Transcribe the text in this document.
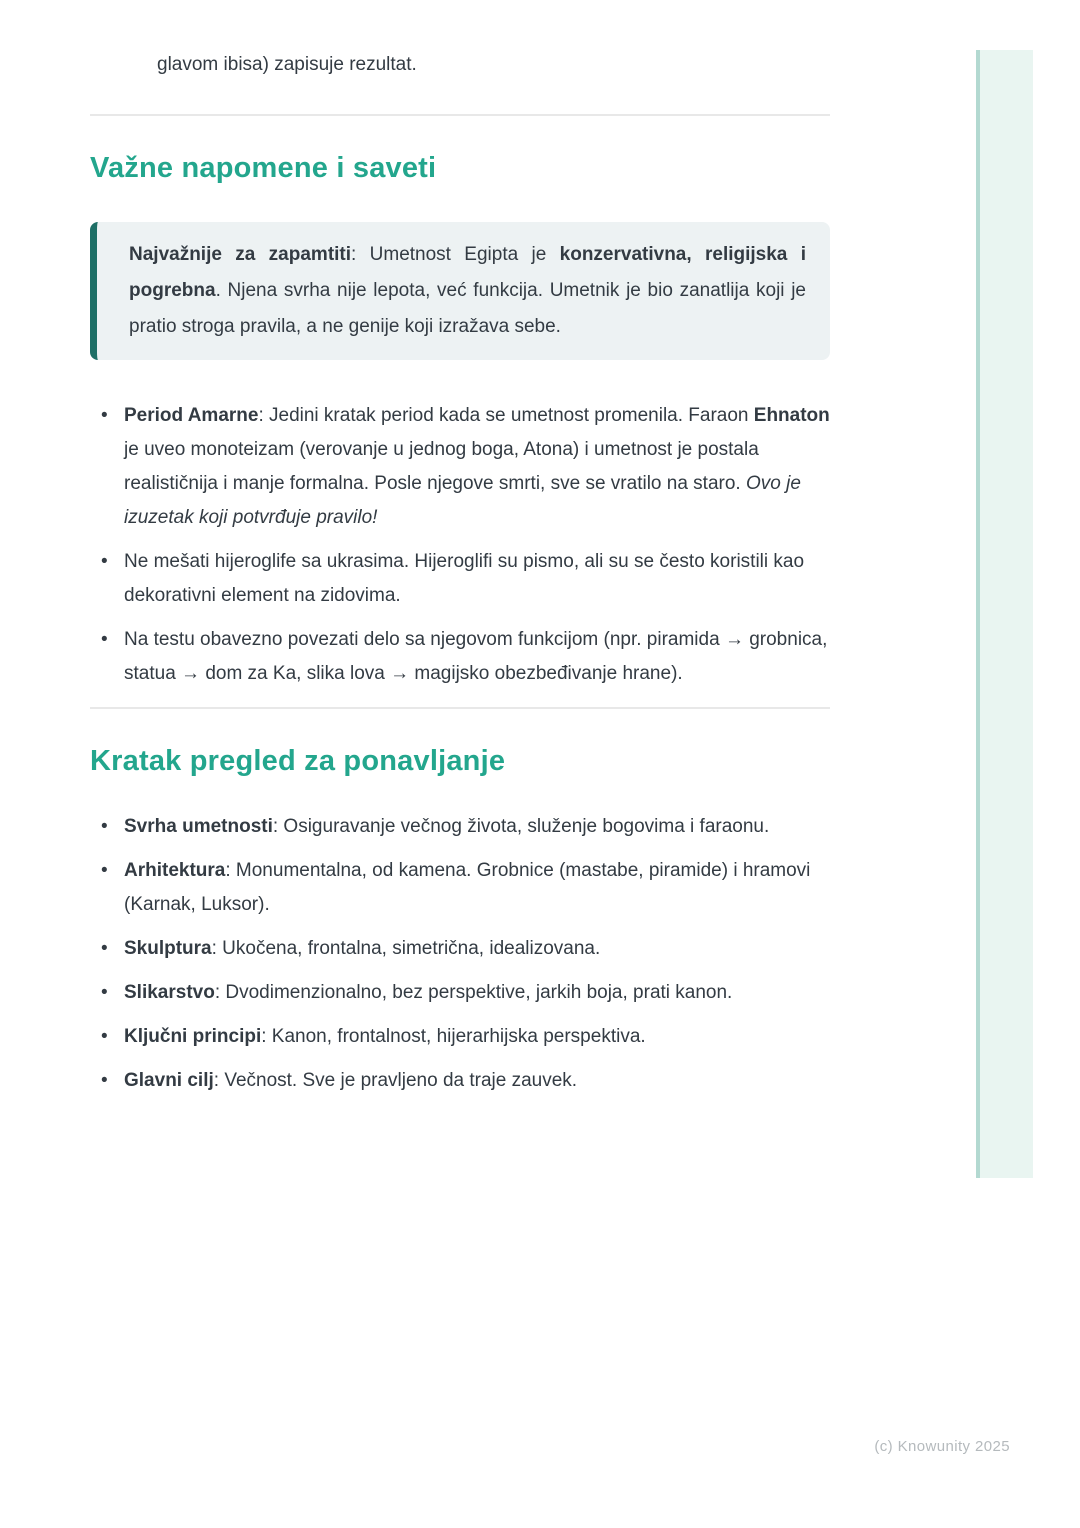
glavom ibisa) zapisuje rezultat.

Važne napomene i saveti

Najvažnije za zapamtiti: Umetnost Egipta je konzervativna, religijska i pogrebna. Njena svrha nije lepota, već funkcija. Umetnik je bio zanatlija koji je pratio stroga pravila, a ne genije koji izražava sebe.

• Period Amarne: Jedini kratak period kada se umetnost promenila. Faraon Ehnaton je uveo monoteizam (verovanje u jednog boga, Atona) i umetnost je postala realističnija i manje formalna. Posle njegove smrti, sve se vratilo na staro. Ovo je izuzetak koji potvrđuje pravilo!
• Ne mešati hijeroglife sa ukrasima. Hijeroglifi su pismo, ali su se često koristili kao dekorativni element na zidovima.
• Na testu obavezno povezati delo sa njegovom funkcijom (npr. piramida → grobnica, statua → dom za Ka, slika lova → magijsko obezbeđivanje hrane).
Kratak pregled za ponavljanje
• Svrha umetnosti: Osiguravanje večnog života, služenje bogovima i faraonu.
• Arhitektura: Monumentalna, od kamena. Grobnice (mastabe, piramide) i hramovi (Karnak, Luksor).
• Skulptura: Ukočena, frontalna, simetrična, idealizovana.
• Slikarstvo: Dvodimenzionalno, bez perspektive, jarkih boja, prati kanon.
• Ključni principi: Kanon, frontalnost, hijerarhijska perspektiva.
• Glavni cilj: Večnost. Sve je pravljeno da traje zauvek.
(c) Knowunity 2025
